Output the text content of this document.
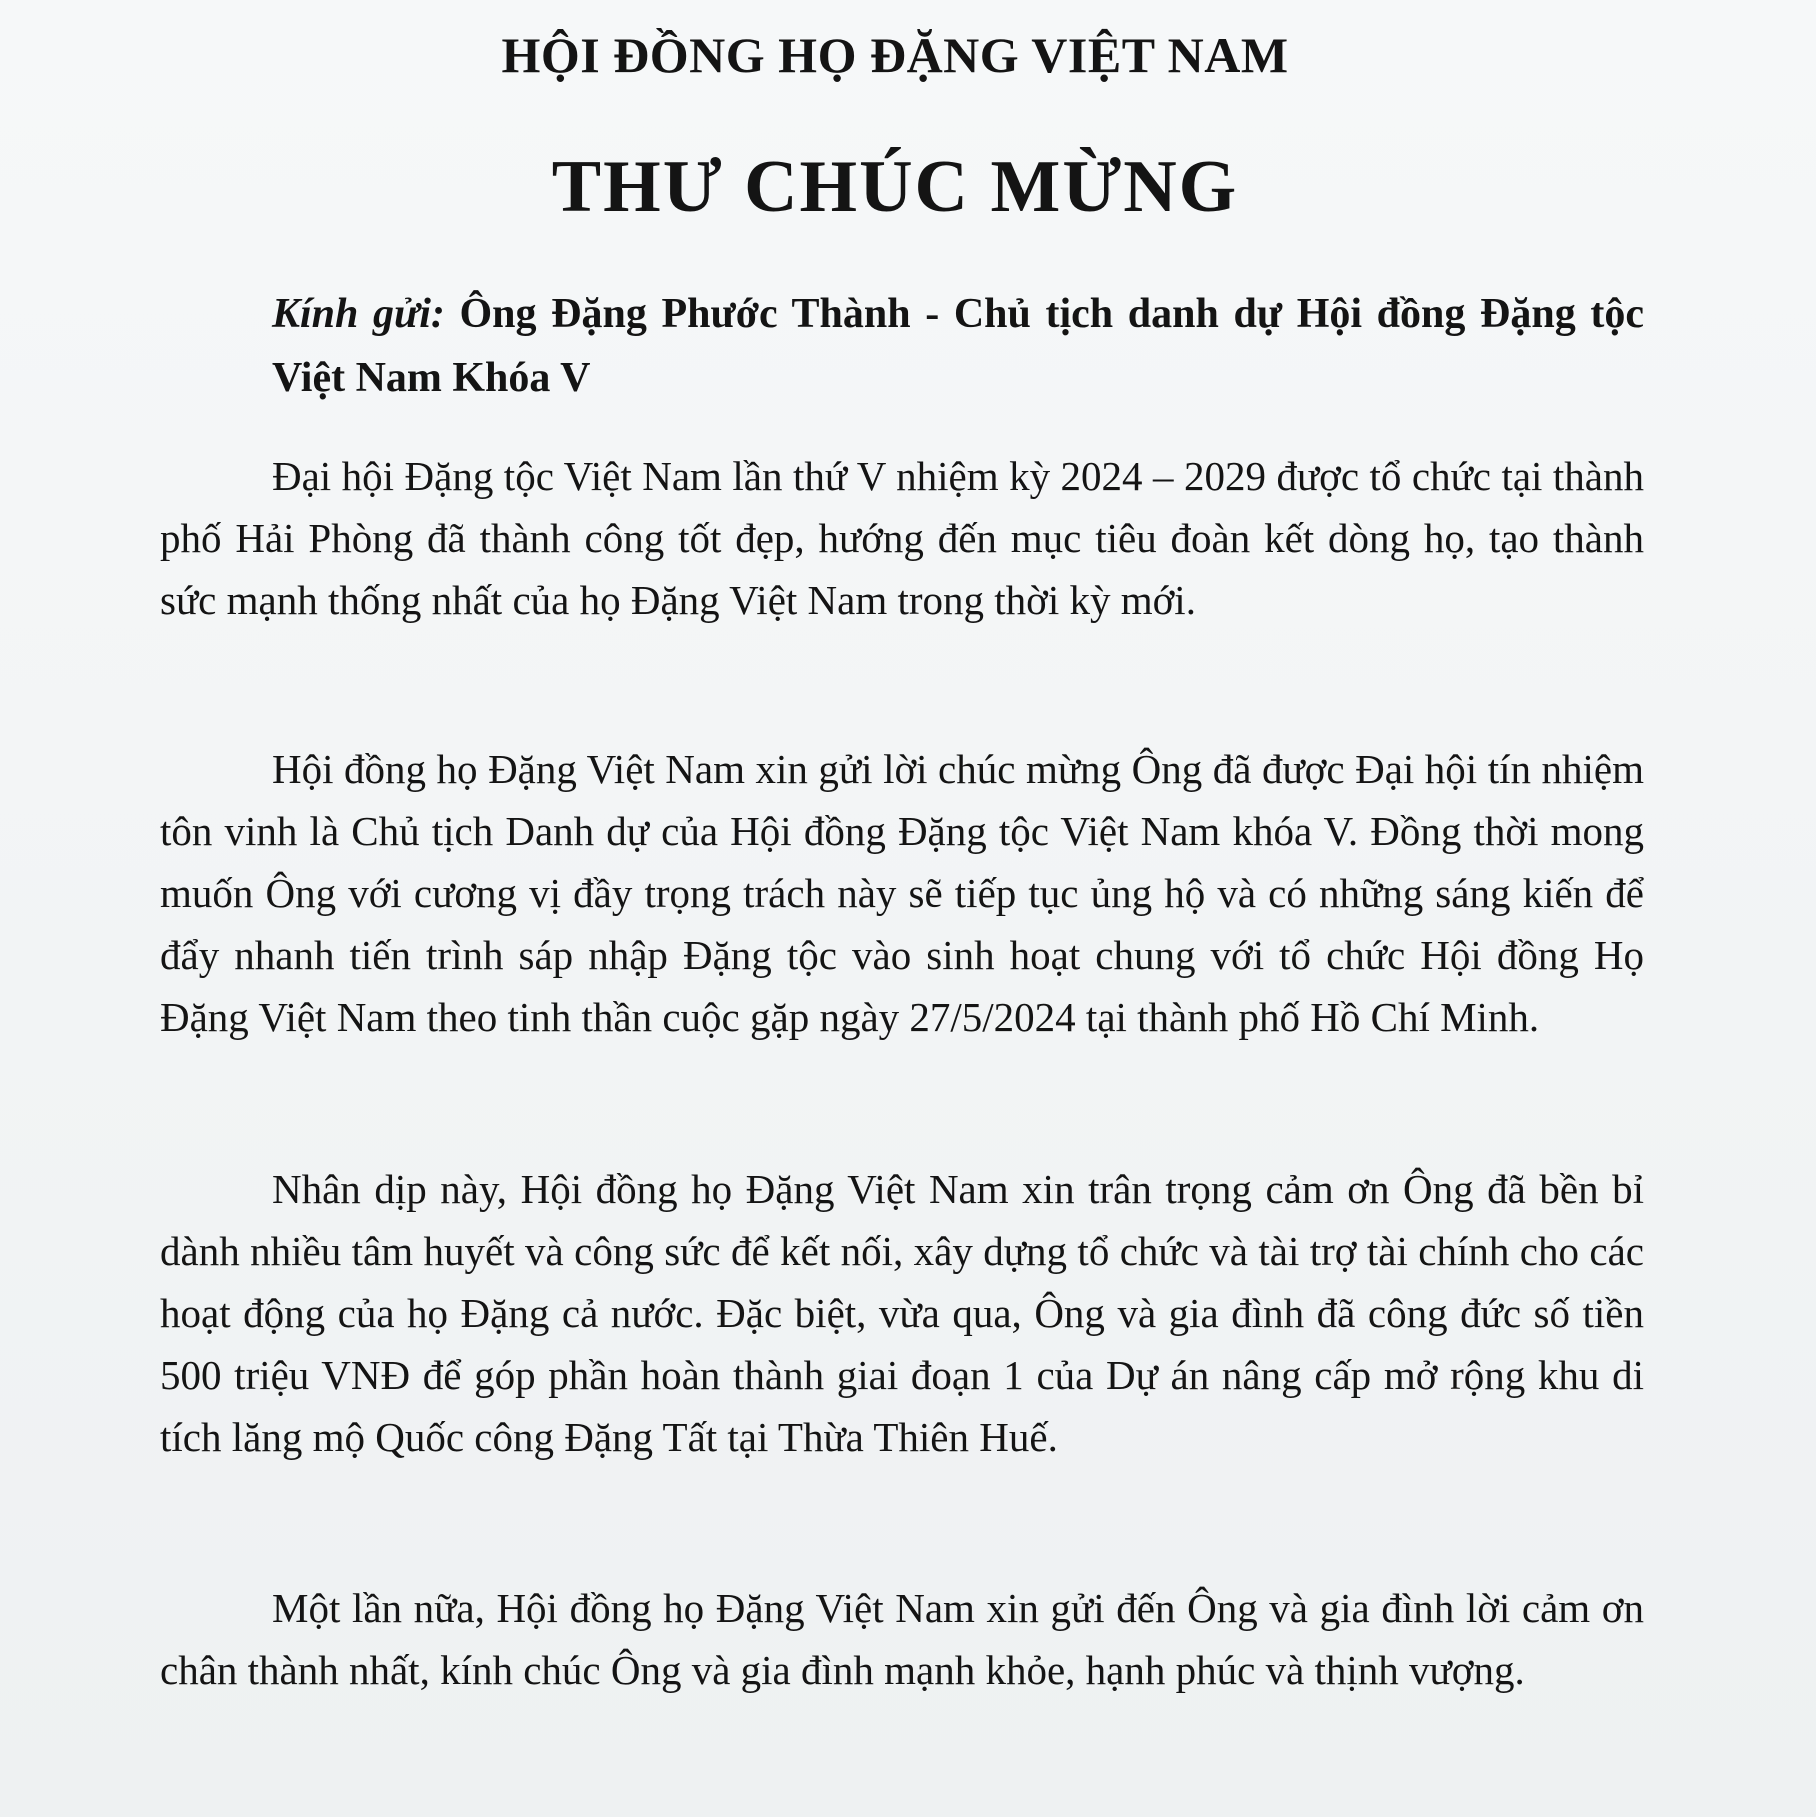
HỘI ĐỒNG HỌ ĐẶNG VIỆT NAM
THƯ CHÚC MỪNG

Kính gửi: Ông Đặng Phước Thành - Chủ tịch danh dự Hội đồng Đặng tộc Việt Nam Khóa V

Đại hội Đặng tộc Việt Nam lần thứ V nhiệm kỳ 2024 – 2029 được tổ chức tại thành phố Hải Phòng đã thành công tốt đẹp, hướng đến mục tiêu đoàn kết dòng họ, tạo thành sức mạnh thống nhất của họ Đặng Việt Nam trong thời kỳ mới.

Hội đồng họ Đặng Việt Nam xin gửi lời chúc mừng Ông đã được Đại hội tín nhiệm tôn vinh là Chủ tịch Danh dự của Hội đồng Đặng tộc Việt Nam khóa V. Đồng thời mong muốn Ông với cương vị đầy trọng trách này sẽ tiếp tục ủng hộ và có những sáng kiến để đẩy nhanh tiến trình sáp nhập Đặng tộc vào sinh hoạt chung với tổ chức Hội đồng Họ Đặng Việt Nam theo tinh thần cuộc gặp ngày 27/5/2024 tại thành phố Hồ Chí Minh.

Nhân dịp này, Hội đồng họ Đặng Việt Nam xin trân trọng cảm ơn Ông đã bền bỉ dành nhiều tâm huyết và công sức để kết nối, xây dựng tổ chức và tài trợ tài chính cho các hoạt động của họ Đặng cả nước. Đặc biệt, vừa qua, Ông và gia đình đã công đức số tiền 500 triệu VNĐ để góp phần hoàn thành giai đoạn 1 của Dự án nâng cấp mở rộng khu di tích lăng mộ Quốc công Đặng Tất tại Thừa Thiên Huế.

Một lần nữa, Hội đồng họ Đặng Việt Nam xin gửi đến Ông và gia đình lời cảm ơn chân thành nhất, kính chúc Ông và gia đình mạnh khỏe, hạnh phúc và thịnh vượng.
